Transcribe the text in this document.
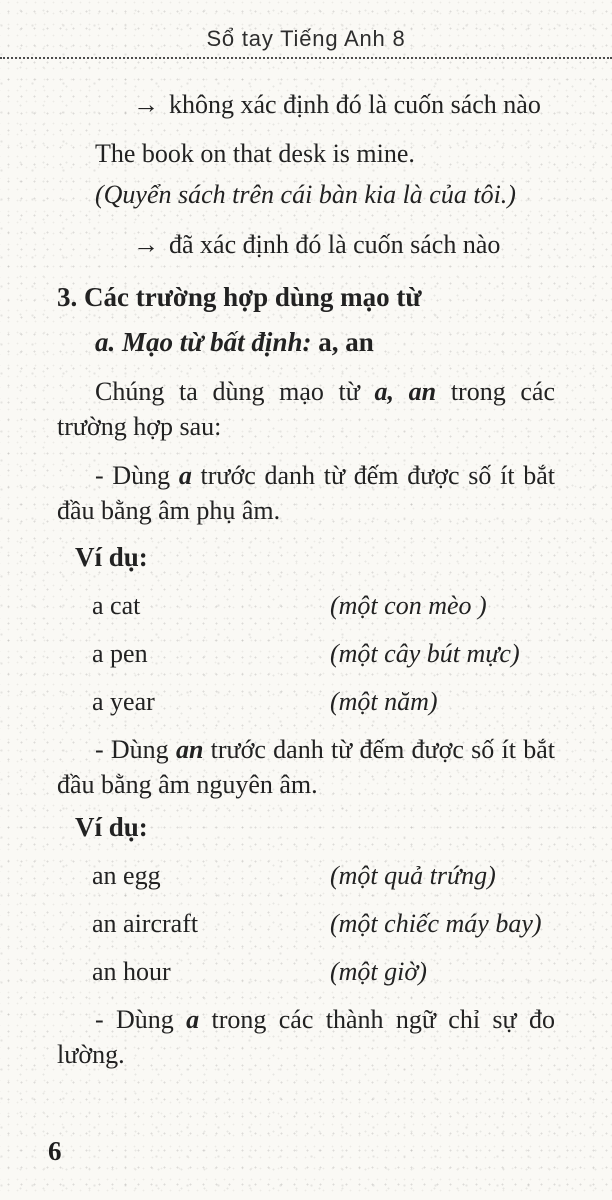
Sổ tay Tiếng Anh 8

→ không xác định đó là cuốn sách nào

The book on that desk is mine.

(Quyển sách trên cái bàn kia là của tôi.)

→ đã xác định đó là cuốn sách nào

3. Các trường hợp dùng mạo từ

a. Mạo từ bất định: a, an

Chúng ta dùng mạo từ a, an trong các trường hợp sau:

- Dùng a trước danh từ đếm được số ít bắt đầu bằng âm phụ âm.

Ví dụ:

a cat	(một con mèo )
a pen	(một cây bút mực)
a year	(một năm)

- Dùng an trước danh từ đếm được số ít bắt đầu bằng âm nguyên âm.

Ví dụ:

an egg	(một quả trứng)
an aircraft	(một chiếc máy bay)
an hour	(một giờ)

- Dùng a trong các thành ngữ chỉ sự đo lường.

6
